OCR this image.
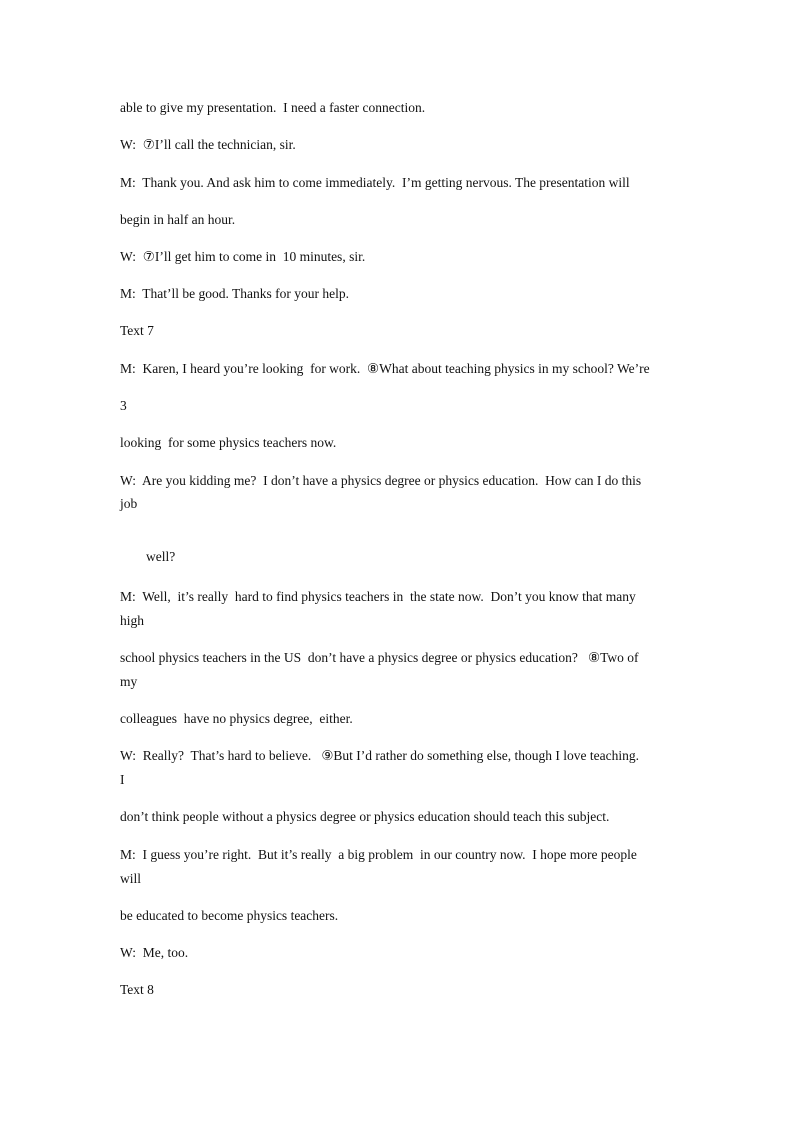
able to give my presentation.  I need a faster connection.
W:  ⑦I’ll call the technician, sir.
M:  Thank you. And ask him to come immediately.  I’m getting nervous. The presentation will
begin in half an hour.
W:  ⑦I’ll get him to come in  10 minutes, sir.
M:  That’ll be good. Thanks for your help.
Text 7
M:  Karen, I heard you’re looking  for work.  ⑧What about teaching physics in my school? We’re
3
looking  for some physics teachers now.
W:  Are you kidding me?  I don’t have a physics degree or physics education.  How can I do this
job
well?
M:  Well,  it’s really  hard to find physics teachers in  the state now.  Don’t you know that many
high
school physics teachers in the US  don’t have a physics degree or physics education?   ⑧Two of
my
colleagues  have no physics degree,  either.
W:  Really?  That’s hard to believe.   ⑨But I’d rather do something else, though I love teaching.
I
don’t think people without a physics degree or physics education should teach this subject.
M:  I guess you’re right.  But it’s really  a big problem  in our country now.  I hope more people
will
be educated to become physics teachers.
W:  Me, too.
Text 8
